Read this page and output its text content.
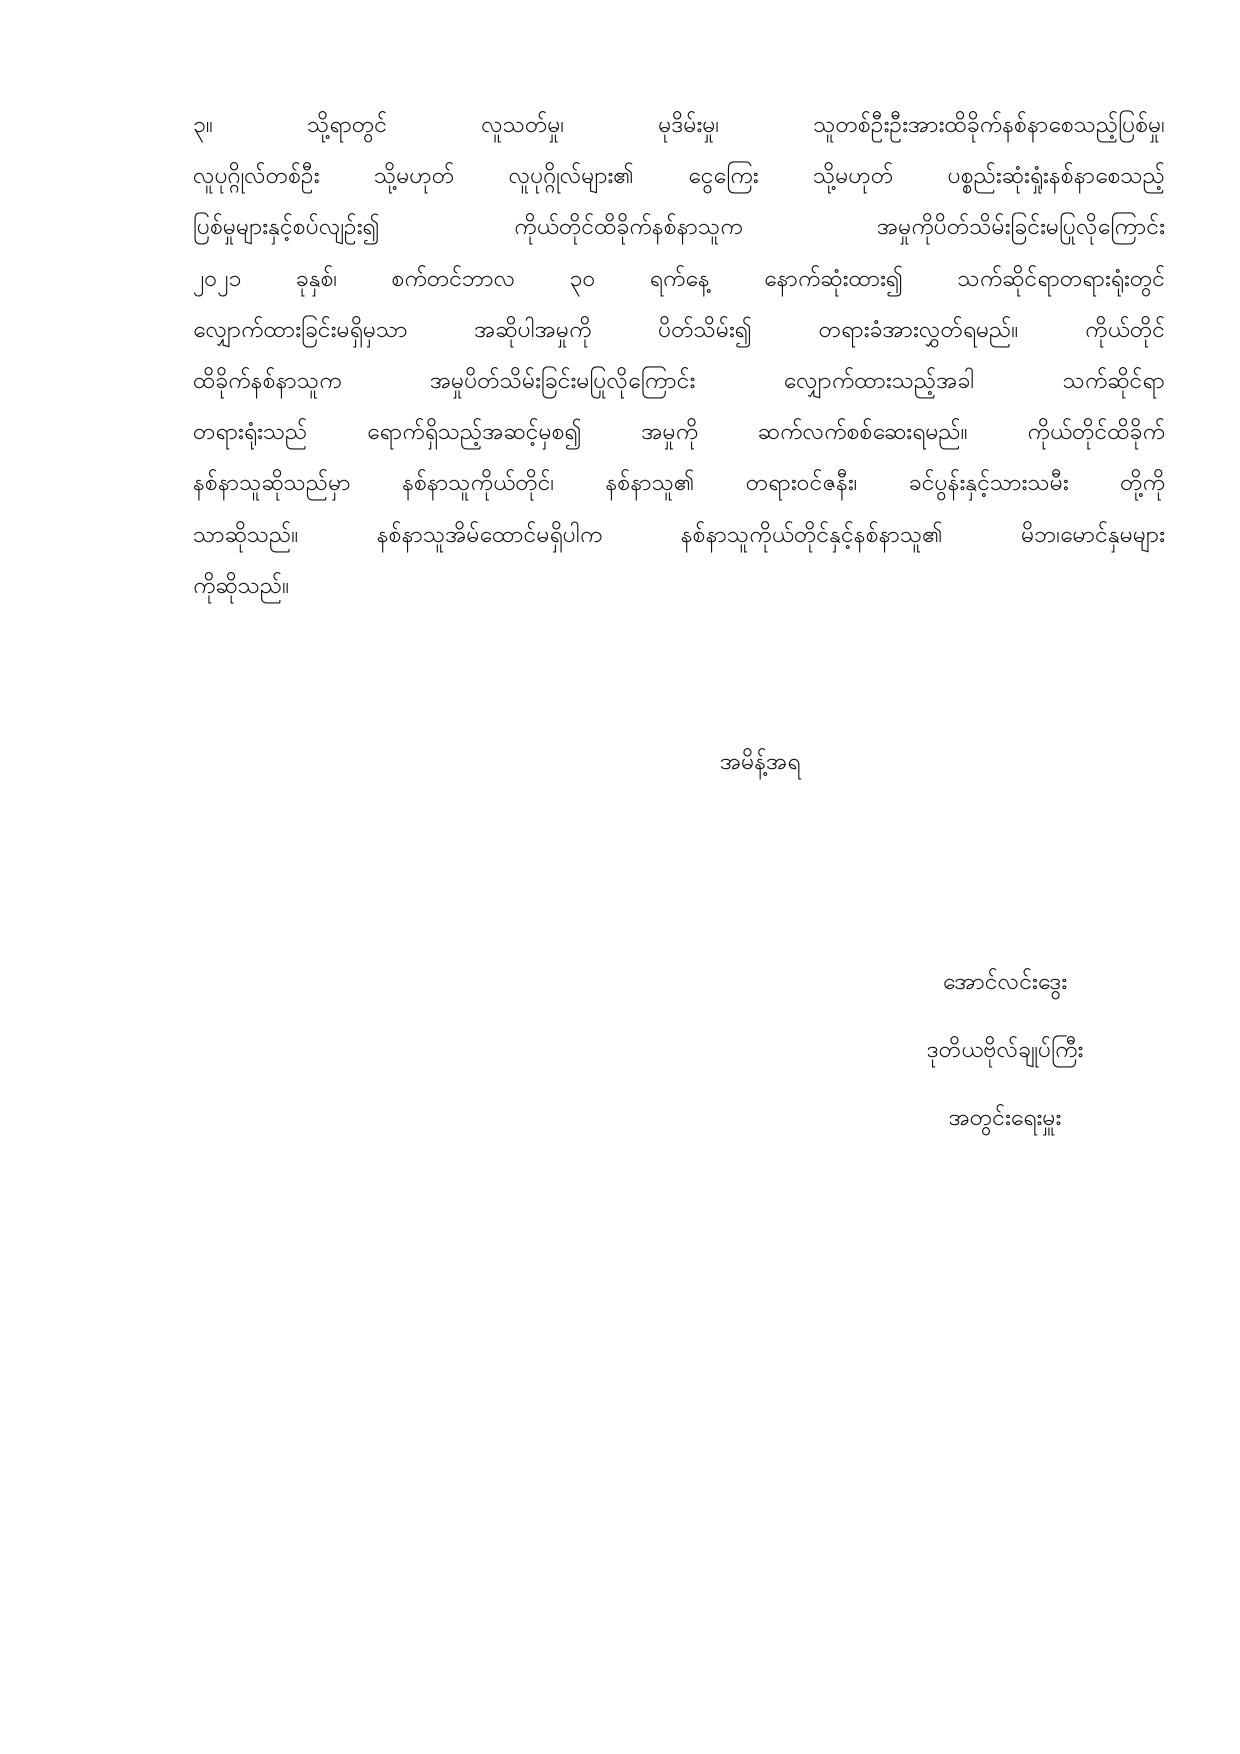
၃။	သို့ရာတွင်	လူသတ်မှု၊	မုဒိမ်းမှု၊	သူတစ်ဦးဦးအားထိခိုက်နစ်နာစေသည့်ပြစ်မှု၊
လူပုဂ္ဂိုလ်တစ်ဦး သို့မဟုတ် လူပုဂ္ဂိုလ်များ၏ ငွေကြေး သို့မဟုတ် ပစ္စည်းဆုံးရှုံးနစ်နာစေသည့်
ပြစ်မှုများနှင့်စပ်လျဉ်း၍	ကိုယ်တိုင်ထိခိုက်နစ်နာသူက	အမှုကိုပိတ်သိမ်းခြင်းမပြုလိုကြောင်း
၂၀၂၁ ခုနှစ်၊ စက်တင်ဘာလ ၃၀ ရက်နေ့ နောက်ဆုံးထား၍ သက်ဆိုင်ရာတရားရုံးတွင်
လျှောက်ထားခြင်းမရှိမှသာ	အဆိုပါအမှုကို	ပိတ်သိမ်း၍	တရားခံအားလွှတ်ရမည်။	ကိုယ်တိုင်
ထိခိုက်နစ်နာသူက	အမှုပိတ်သိမ်းခြင်းမပြုလိုကြောင်း	လျှောက်ထားသည့်အခါ	သက်ဆိုင်ရာ
တရားရုံးသည်	ရောက်ရှိသည့်အဆင့်မှစ၍	အမှုကို	ဆက်လက်စစ်ဆေးရမည်။	ကိုယ်တိုင်ထိခိုက်
နစ်နာသူဆိုသည်မှာ နစ်နာသူကိုယ်တိုင်၊ နစ်နာသူ၏ တရားဝင်ဇနီး၊ ခင်ပွန်းနှင့်သားသမီး တို့ကို
သာဆိုသည်။	နစ်နာသူအိမ်ထောင်မရှိပါက	နစ်နာသူကိုယ်တိုင်နှင့်နစ်နာသူ၏	မိဘ၊မောင်နှမများ
ကိုဆိုသည်။
အမိန့်အရ
အောင်လင်းဒွေး
ဒုတိယဗိုလ်ချုပ်ကြီး
အတွင်းရေးမှူး
